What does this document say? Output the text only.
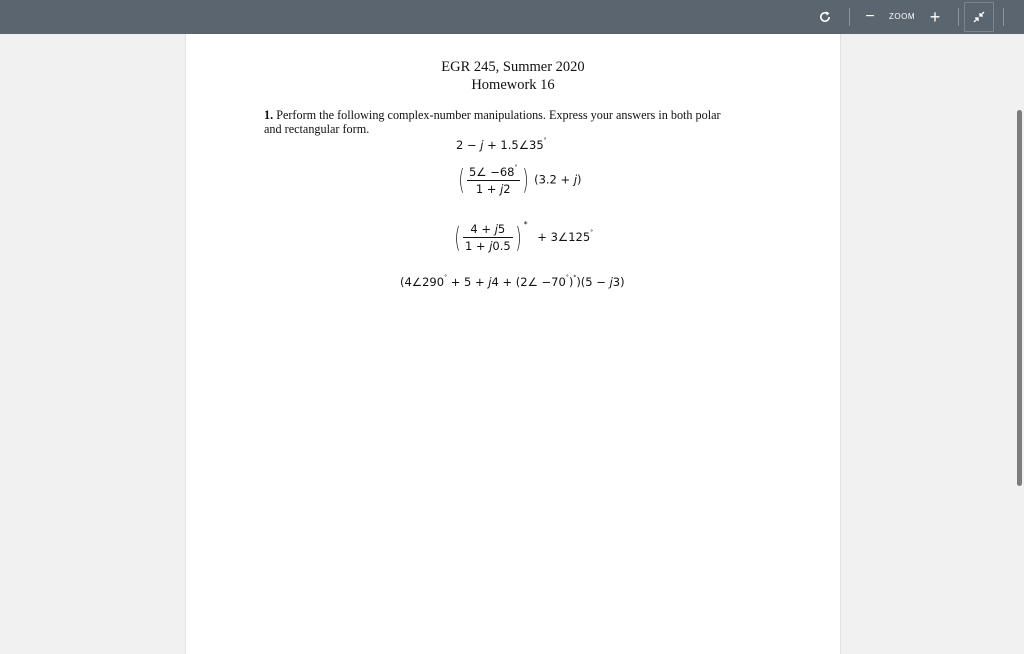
−	ZOOM +
EGR 245, Summer 2020
Homework 16
1. Perform the following complex-number manipulations. Express your answers in both polar
and rectangular form.
2 − j + 1.5∠35°
( $\frac{5\angle -68^\circ}{1 + j2}$ ) (3.2 + j)
( $\frac{4 + j5}{1 + j0.5}$ ) * + 3∠125°
(4∠290° + 5 + j4 + (2∠ −70°)*)(5 − j3)
